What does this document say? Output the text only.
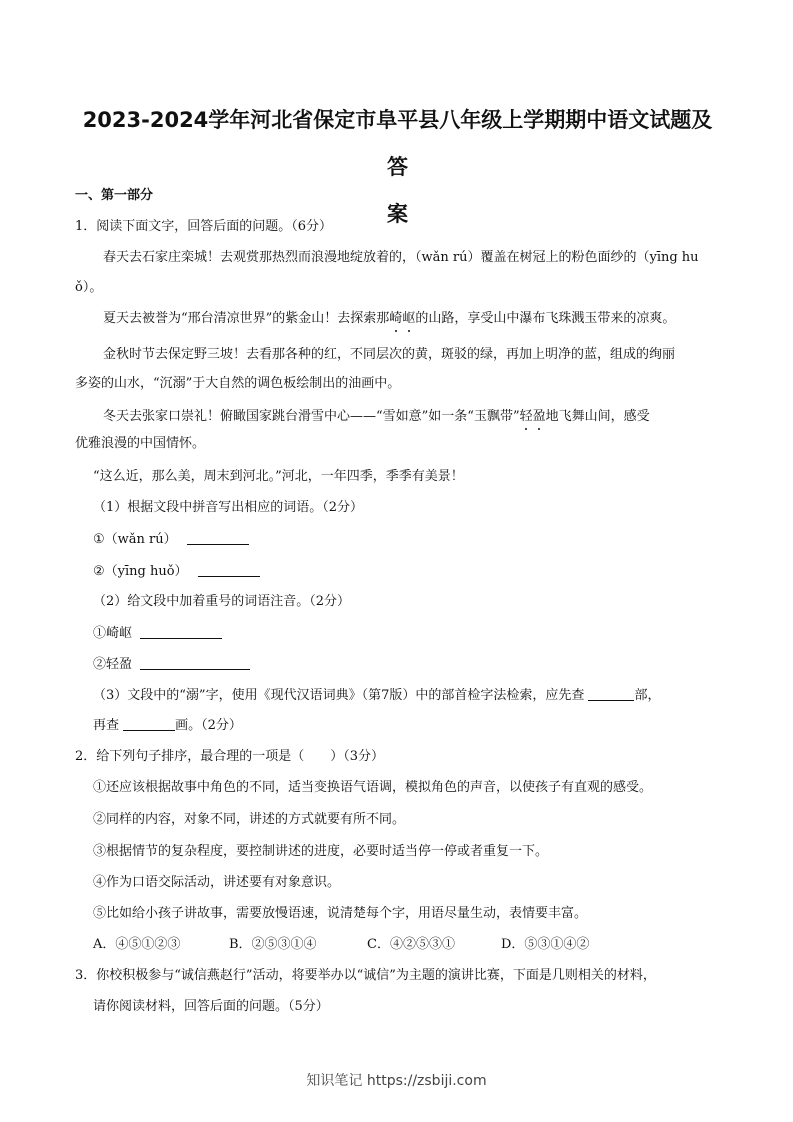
2023-2024学年河北省保定市阜平县八年级上学期期中语文试题及答
案
一、第一部分
1．阅读下面文字，回答后面的问题。（6分）
春天去石家庄栾城！去观赏那热烈而浪漫地绽放着的，（wǎn rú）覆盖在树冠上的粉色面纱的（yīng hu
ǒ）。
夏天去被誉为“邢台清凉世界”的紫金山！去探索那崎岖的山路，享受山中瀑布飞珠溅玉带来的凉爽。
金秋时节去保定野三坡！去看那各种的红，不同层次的黄，斑驳的绿，再加上明净的蓝，组成的绚丽
多姿的山水，“沉溺”于大自然的调色板绘制出的油画中。
冬天去张家口崇礼！俯瞰国家跳台滑雪中心——“雪如意”如一条“玉飘带”轻盈地飞舞山间，感受
优雅浪漫的中国情怀。
“这么近，那么美，周末到河北。”河北，一年四季，季季有美景！
（1）根据文段中拼音写出相应的词语。（2分）
①（wǎn rú）
②（yīng huǒ）
（2）给文段中加着重号的词语注音。（2分）
①崎岖
②轻盈
（3）文段中的“溺”字，使用《现代汉语词典》（第7版）中的部首检字法检索，应先查	部，
再查	画。（2分）
2．给下列句子排序，最合理的一项是（　　）（3分）
①还应该根据故事中角色的不同，适当变换语气语调，模拟角色的声音，以使孩子有直观的感受。
②同样的内容，对象不同，讲述的方式就要有所不同。
③根据情节的复杂程度，要控制讲述的进度，必要时适当停一停或者重复一下。
④作为口语交际活动，讲述要有对象意识。
⑤比如给小孩子讲故事，需要放慢语速，说清楚每个字，用语尽量生动，表情要丰富。
A．④⑤①②③	B．②⑤③①④	C．④②⑤③①	D．⑤③①④②
3．你校积极参与“诚信燕赵行”活动，将要举办以“诚信”为主题的演讲比赛，下面是几则相关的材料，
请你阅读材料，回答后面的问题。（5分）
知识笔记 https://zsbiji.com
